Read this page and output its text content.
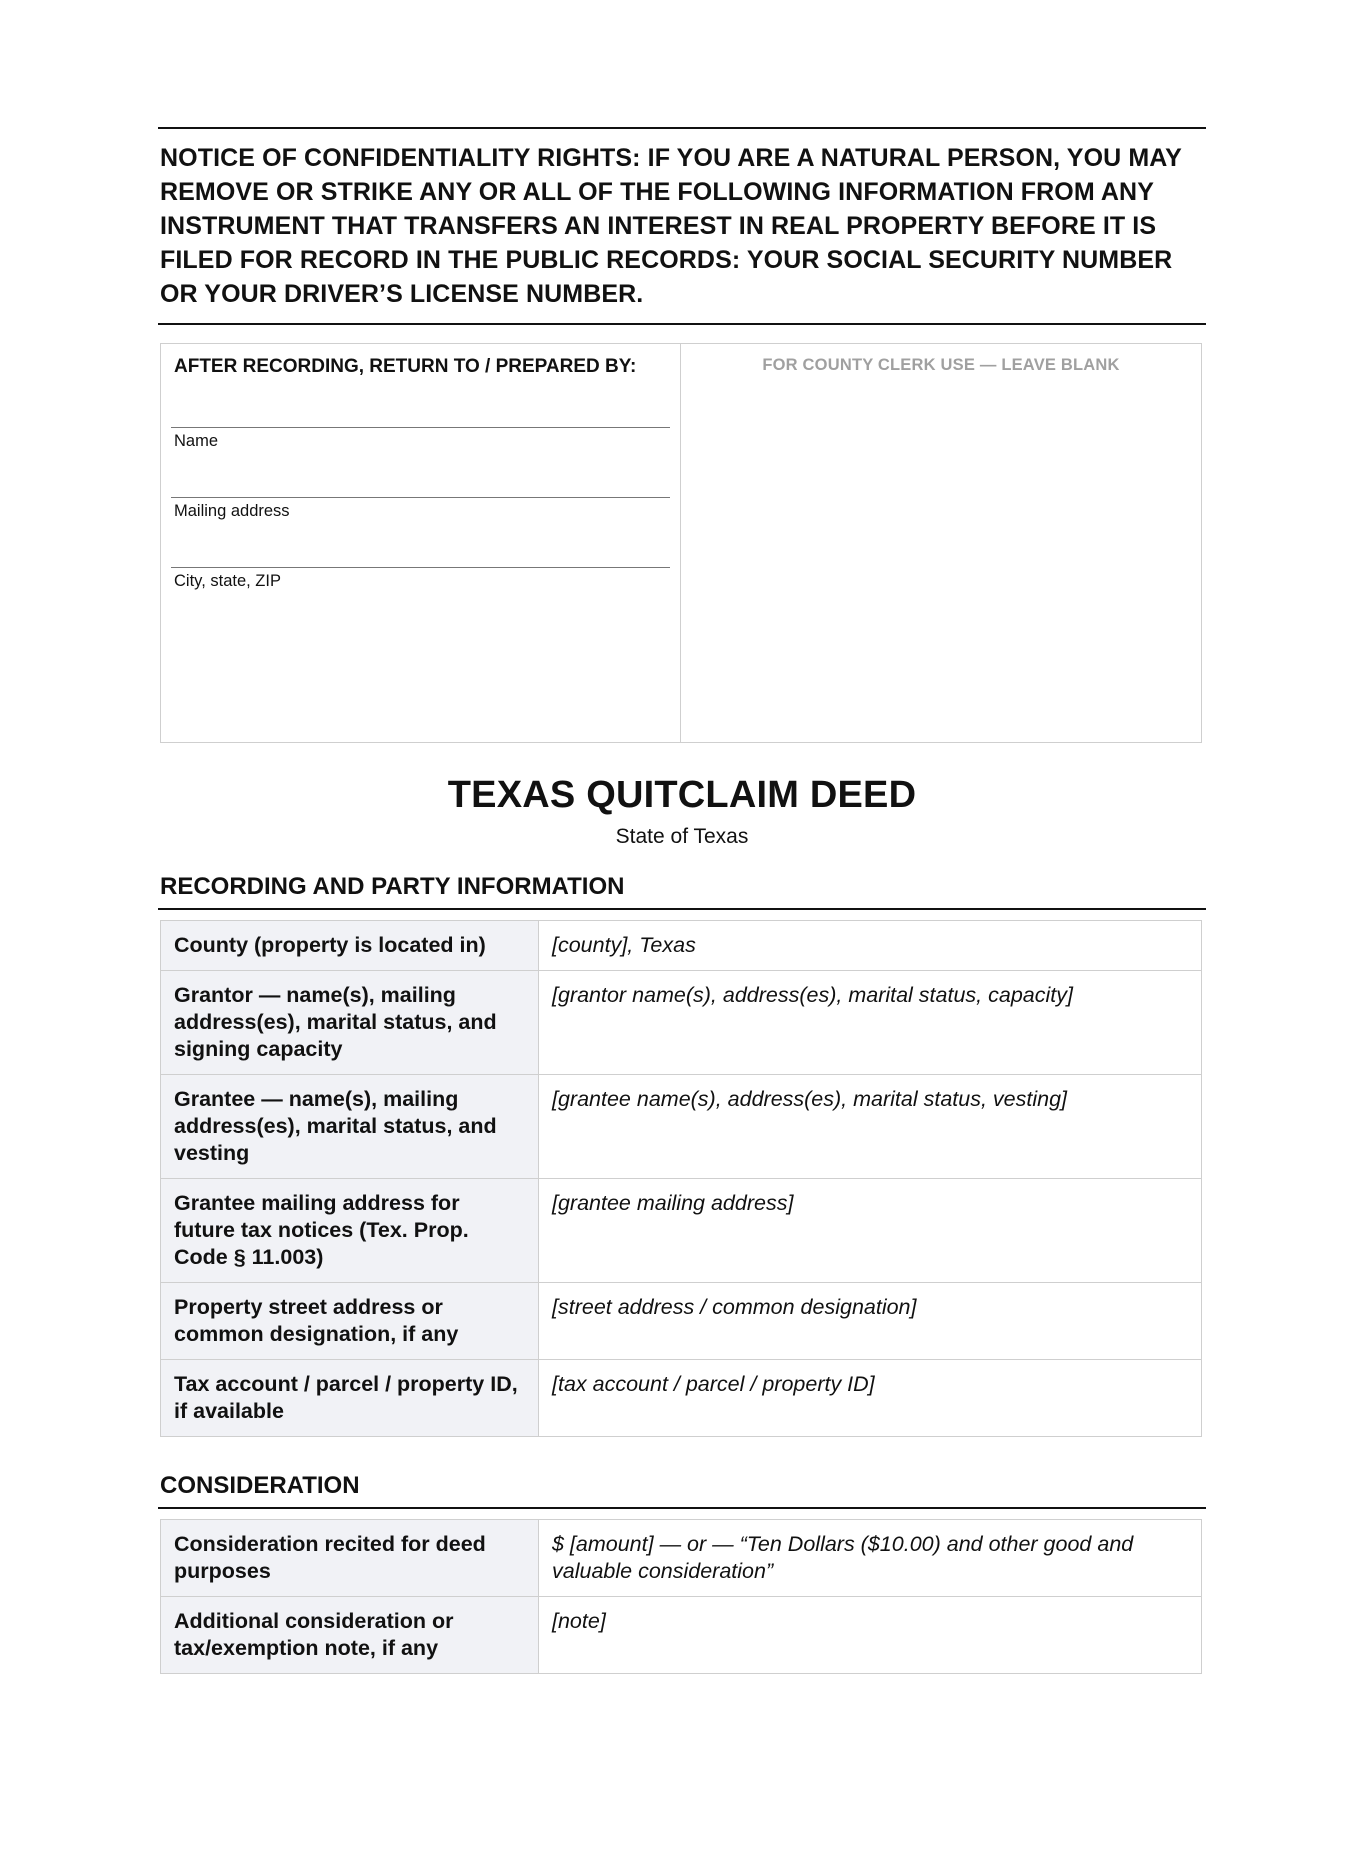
NOTICE OF CONFIDENTIALITY RIGHTS: IF YOU ARE A NATURAL PERSON, YOU MAY REMOVE OR STRIKE ANY OR ALL OF THE FOLLOWING INFORMATION FROM ANY INSTRUMENT THAT TRANSFERS AN INTEREST IN REAL PROPERTY BEFORE IT IS FILED FOR RECORD IN THE PUBLIC RECORDS: YOUR SOCIAL SECURITY NUMBER OR YOUR DRIVER’S LICENSE NUMBER.
AFTER RECORDING, RETURN TO / PREPARED BY:
Name
Mailing address
City, state, ZIP
FOR COUNTY CLERK USE — LEAVE BLANK
TEXAS QUITCLAIM DEED
State of Texas
RECORDING AND PARTY INFORMATION
County (property is located in)	[county], Texas
Grantor — name(s), mailing address(es), marital status, and signing capacity	[grantor name(s), address(es), marital status, capacity]
Grantee — name(s), mailing address(es), marital status, and vesting	[grantee name(s), address(es), marital status, vesting]
Grantee mailing address for future tax notices (Tex. Prop. Code § 11.003)	[grantee mailing address]
Property street address or common designation, if any	[street address / common designation]
Tax account / parcel / property ID, if available	[tax account / parcel / property ID]
CONSIDERATION
Consideration recited for deed purposes	$ [amount] — or — “Ten Dollars ($10.00) and other good and valuable consideration”
Additional consideration or tax/exemption note, if any	[note]
